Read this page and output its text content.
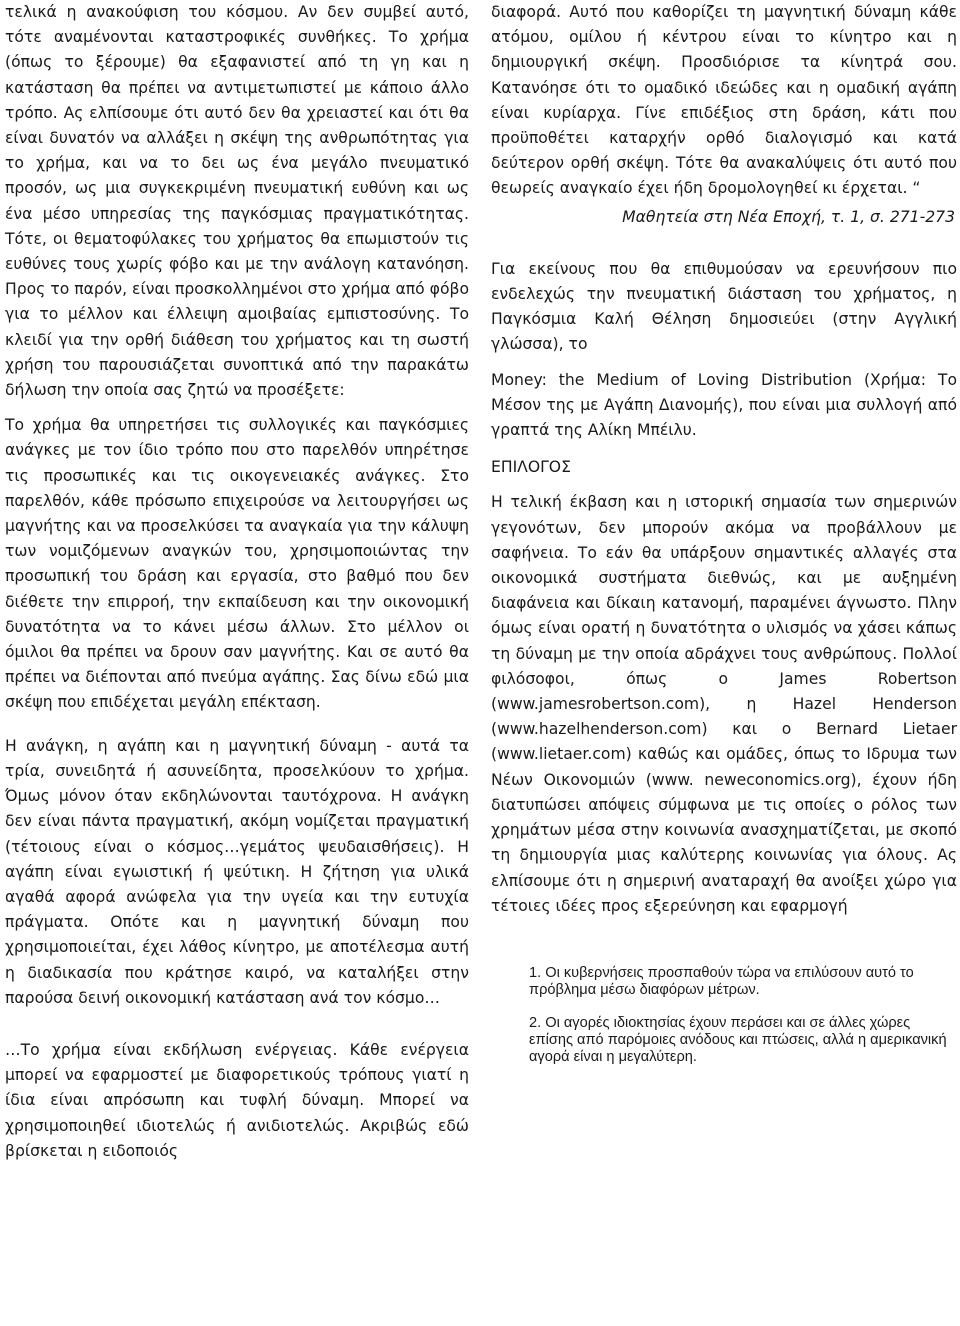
τελικά η ανακούφιση του κόσμου. Αν δεν συμβεί αυτό, τότε αναμένονται καταστροφικές συνθήκες. Το χρήμα (όπως το ξέρουμε) θα εξαφανιστεί από τη γη και η κατάσταση θα πρέπει να αντιμετωπιστεί με κάποιο άλλο τρόπο. Ας ελπίσουμε ότι αυτό δεν θα χρειαστεί και ότι θα είναι δυνατόν να αλλάξει η σκέψη της ανθρωπότητας για το χρήμα, και να το δει ως ένα μεγάλο πνευματικό προσόν, ως μια συγκεκριμένη πνευματική ευθύνη και ως ένα μέσο υπηρεσίας της παγκόσμιας πραγματικότητας. Τότε, οι θεματοφύλακες του χρήματος θα επωμιστούν τις ευθύνες τους χωρίς φόβο και με την ανάλογη κατανόηση. Προς το παρόν, είναι προσκολλημένοι στο χρήμα από φόβο για το μέλλον και έλλειψη αμοιβαίας εμπιστοσύνης. Το κλειδί για την ορθή διάθεση του χρήματος και τη σωστή χρήση του παρουσιάζεται συνοπτικά από την παρακάτω δήλωση την οποία σας ζητώ να προσέξετε:

Το χρήμα θα υπηρετήσει τις συλλογικές και παγκόσμιες ανάγκες με τον ίδιο τρόπο που στο παρελθόν υπηρέτησε τις προσωπικές και τις οικογενειακές ανάγκες. Στο παρελθόν, κάθε πρόσωπο επιχειρούσε να λειτουργήσει ως μαγνήτης και να προσελκύσει τα αναγκαία για την κάλυψη των νομιζόμενων αναγκών του, χρησιμοποιώντας την προσωπική του δράση και εργασία, στο βαθμό που δεν διέθετε την επιρροή, την εκπαίδευση και την οικονομική δυνατότητα να το κάνει μέσω άλλων. Στο μέλλον οι όμιλοι θα πρέπει να δρουν σαν μαγνήτης. Και σε αυτό θα πρέπει να διέπονται από πνεύμα αγάπης. Σας δίνω εδώ μια σκέψη που επιδέχεται μεγάλη επέκταση.

Η ανάγκη, η αγάπη και η μαγνητική δύναμη - αυτά τα τρία, συνειδητά ή ασυνείδητα, προσελκύουν το χρήμα. Όμως μόνον όταν εκδηλώνονται ταυτόχρονα. Η ανάγκη δεν είναι πάντα πραγματική, ακόμη νομίζεται πραγματική (τέτοιους είναι ο κόσμος…γεμάτος ψευδαισθήσεις). Η αγάπη είναι εγωιστική ή ψεύτικη. Η ζήτηση για υλικά αγαθά αφορά ανώφελα για την υγεία και την ευτυχία πράγματα. Οπότε και η μαγνητική δύναμη που χρησιμοποιείται, έχει λάθος κίνητρο, με αποτέλεσμα αυτή η διαδικασία που κράτησε καιρό, να καταλήξει στην παρούσα δεινή οικονομική κατάσταση ανά τον κόσμο…

…Το χρήμα είναι εκδήλωση ενέργειας. Κάθε ενέργεια μπορεί να εφαρμοστεί με διαφορετικούς τρόπους γιατί η ίδια είναι απρόσωπη και τυφλή δύναμη. Μπορεί να χρησιμοποιηθεί ιδιοτελώς ή ανιδιοτελώς. Ακριβώς εδώ βρίσκεται η ειδοποιός

διαφορά. Αυτό που καθορίζει τη μαγνητική δύναμη κάθε ατόμου, ομίλου ή κέντρου είναι το κίνητρο και η δημιουργική σκέψη. Προσδιόρισε τα κίνητρά σου. Κατανόησε ότι το ομαδικό ιδεώδες και η ομαδική αγάπη είναι κυρίαρχα. Γίνε επιδέξιος στη δράση, κάτι που προϋποθέτει καταρχήν ορθό διαλογισμό και κατά δεύτερον ορθή σκέψη. Τότε θα ανακαλύψεις ότι αυτό που θεωρείς αναγκαίο έχει ήδη δρομολογηθεί κι έρχεται. “

Μαθητεία στη Νέα Εποχή, τ. 1, σ. 271-273

Για εκείνους που θα επιθυμούσαν να ερευνήσουν πιο ενδελεχώς την πνευματική διάσταση του χρήματος, η Παγκόσμια Καλή Θέληση δημοσιεύει (στην Αγγλική γλώσσα), το

Money: the Medium of Loving Distribution (Χρήμα: Το Μέσον της με Αγάπη Διανομής), που είναι μια συλλογή από γραπτά της Αλίκη Μπέιλυ.

ΕΠΙΛΟΓΟΣ

Η τελική έκβαση και η ιστορική σημασία των σημερινών γεγονότων, δεν μπορούν ακόμα να προβάλλουν με σαφήνεια. Το εάν θα υπάρξουν σημαντικές αλλαγές στα οικονομικά συστήματα διεθνώς, και με αυξημένη διαφάνεια και δίκαιη κατανομή, παραμένει άγνωστο. Πλην όμως είναι ορατή η δυνατότητα ο υλισμός να χάσει κάπως τη δύναμη με την οποία αδράχνει τους ανθρώπους. Πολλοί φιλόσοφοι, όπως ο James Robertson (www.jamesrobertson.com), η Hazel Henderson (www.hazelhenderson.com) και ο Bernard Lietaer (www.lietaer.com) καθώς και ομάδες, όπως το Ιδρυμα των Νέων Οικονομιών (www. neweconomics.org), έχουν ήδη διατυπώσει απόψεις σύμφωνα με τις οποίες ο ρόλος των χρημάτων μέσα στην κοινωνία ανασχηματίζεται, με σκοπό τη δημιουργία μιας καλύτερης κοινωνίας για όλους. Ας ελπίσουμε ότι η σημερινή αναταραχή θα ανοίξει χώρο για τέτοιες ιδέες προς εξερεύνηση και εφαρμογή

1. Οι κυβερνήσεις προσπαθούν τώρα να επιλύσουν αυτό το πρόβλημα μέσω διαφόρων μέτρων.

2. Οι αγορές ιδιοκτησίας έχουν περάσει και σε άλλες χώρες επίσης από παρόμοιες ανόδους και πτώσεις, αλλά η αμερικανική αγορά είναι η μεγαλύτερη.
